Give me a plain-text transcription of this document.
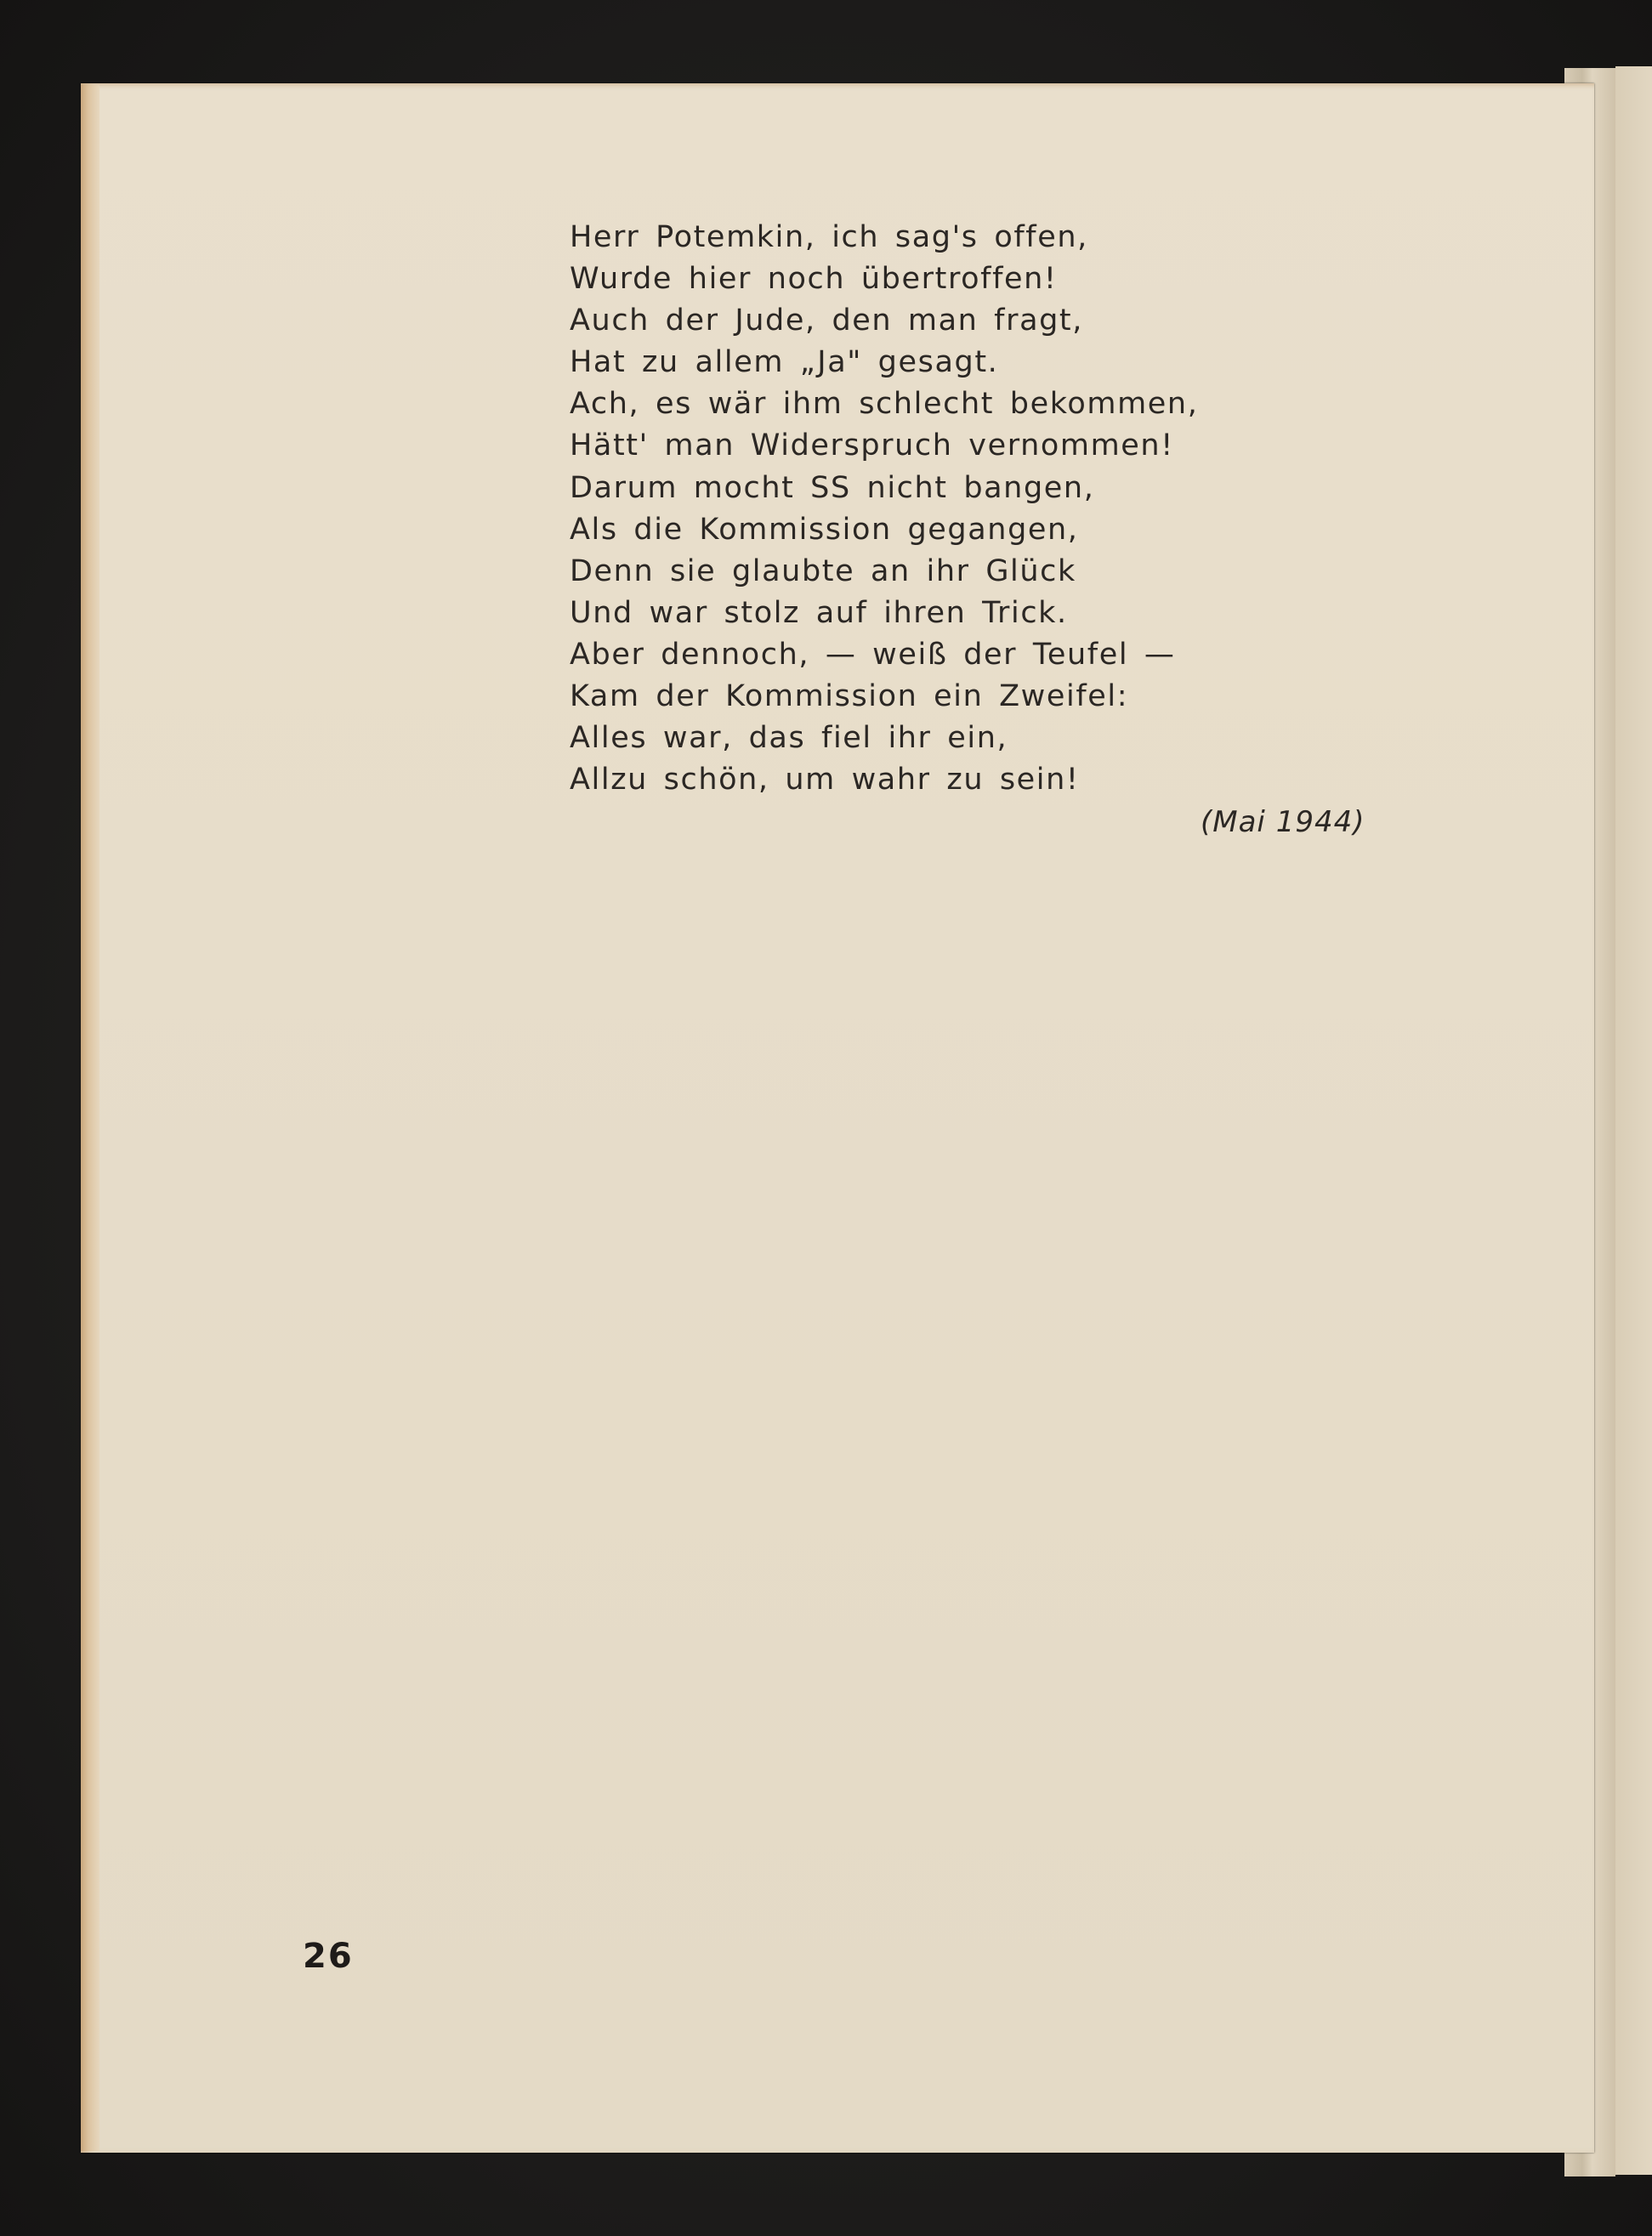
Herr Potemkin, ich sag's offen,
Wurde hier noch übertroffen!
Auch der Jude, den man fragt,
Hat zu allem „Ja" gesagt.
Ach, es wär ihm schlecht bekommen,
Hätt' man Widerspruch vernommen!
Darum mocht SS nicht bangen,
Als die Kommission gegangen,
Denn sie glaubte an ihr Glück
Und war stolz auf ihren Trick.
Aber dennoch, — weiß der Teufel —
Kam der Kommission ein Zweifel:
Alles war, das fiel ihr ein,
Allzu schön, um wahr zu sein!
(Mai 1944)
26
